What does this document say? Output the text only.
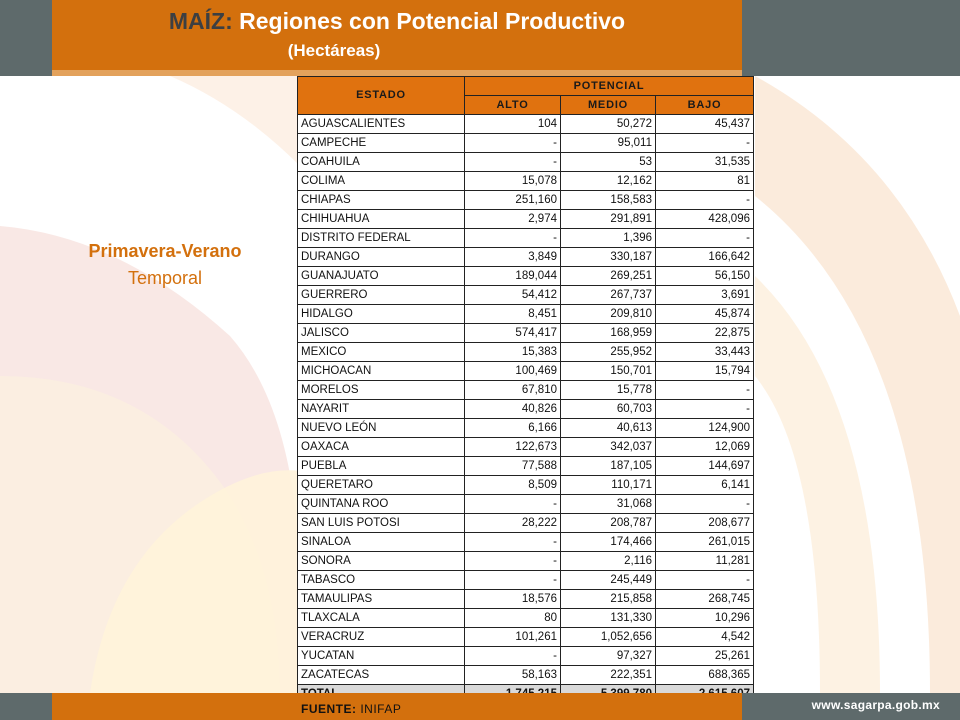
MAÍZ: Regiones con Potencial Productivo
(Hectáreas)
Primavera-Verano
Temporal
ESTADO	POTENCIAL		
	ALTO	MEDIO	BAJO
AGUASCALIENTES	104	50,272	45,437
CAMPECHE	-	95,011	-
COAHUILA	-	53	31,535
COLIMA	15,078	12,162	81
CHIAPAS	251,160	158,583	-
CHIHUAHUA	2,974	291,891	428,096
DISTRITO FEDERAL	-	1,396	-
DURANGO	3,849	330,187	166,642
GUANAJUATO	189,044	269,251	56,150
GUERRERO	54,412	267,737	3,691
HIDALGO	8,451	209,810	45,874
JALISCO	574,417	168,959	22,875
MEXICO	15,383	255,952	33,443
MICHOACAN	100,469	150,701	15,794
MORELOS	67,810	15,778	-
NAYARIT	40,826	60,703	-
NUEVO LEÓN	6,166	40,613	124,900
OAXACA	122,673	342,037	12,069
PUEBLA	77,588	187,105	144,697
QUERETARO	8,509	110,171	6,141
QUINTANA ROO	-	31,068	-
SAN LUIS POTOSI	28,222	208,787	208,677
SINALOA	-	174,466	261,015
SONORA	-	2,116	11,281
TABASCO	-	245,449	-
TAMAULIPAS	18,576	215,858	268,745
TLAXCALA	80	131,330	10,296
VERACRUZ	101,261	1,052,656	4,542
YUCATAN	-	97,327	25,261
ZACATECAS	58,163	222,351	688,365

FUENTE: INIFAP	www.sagarpa.gob.mx
